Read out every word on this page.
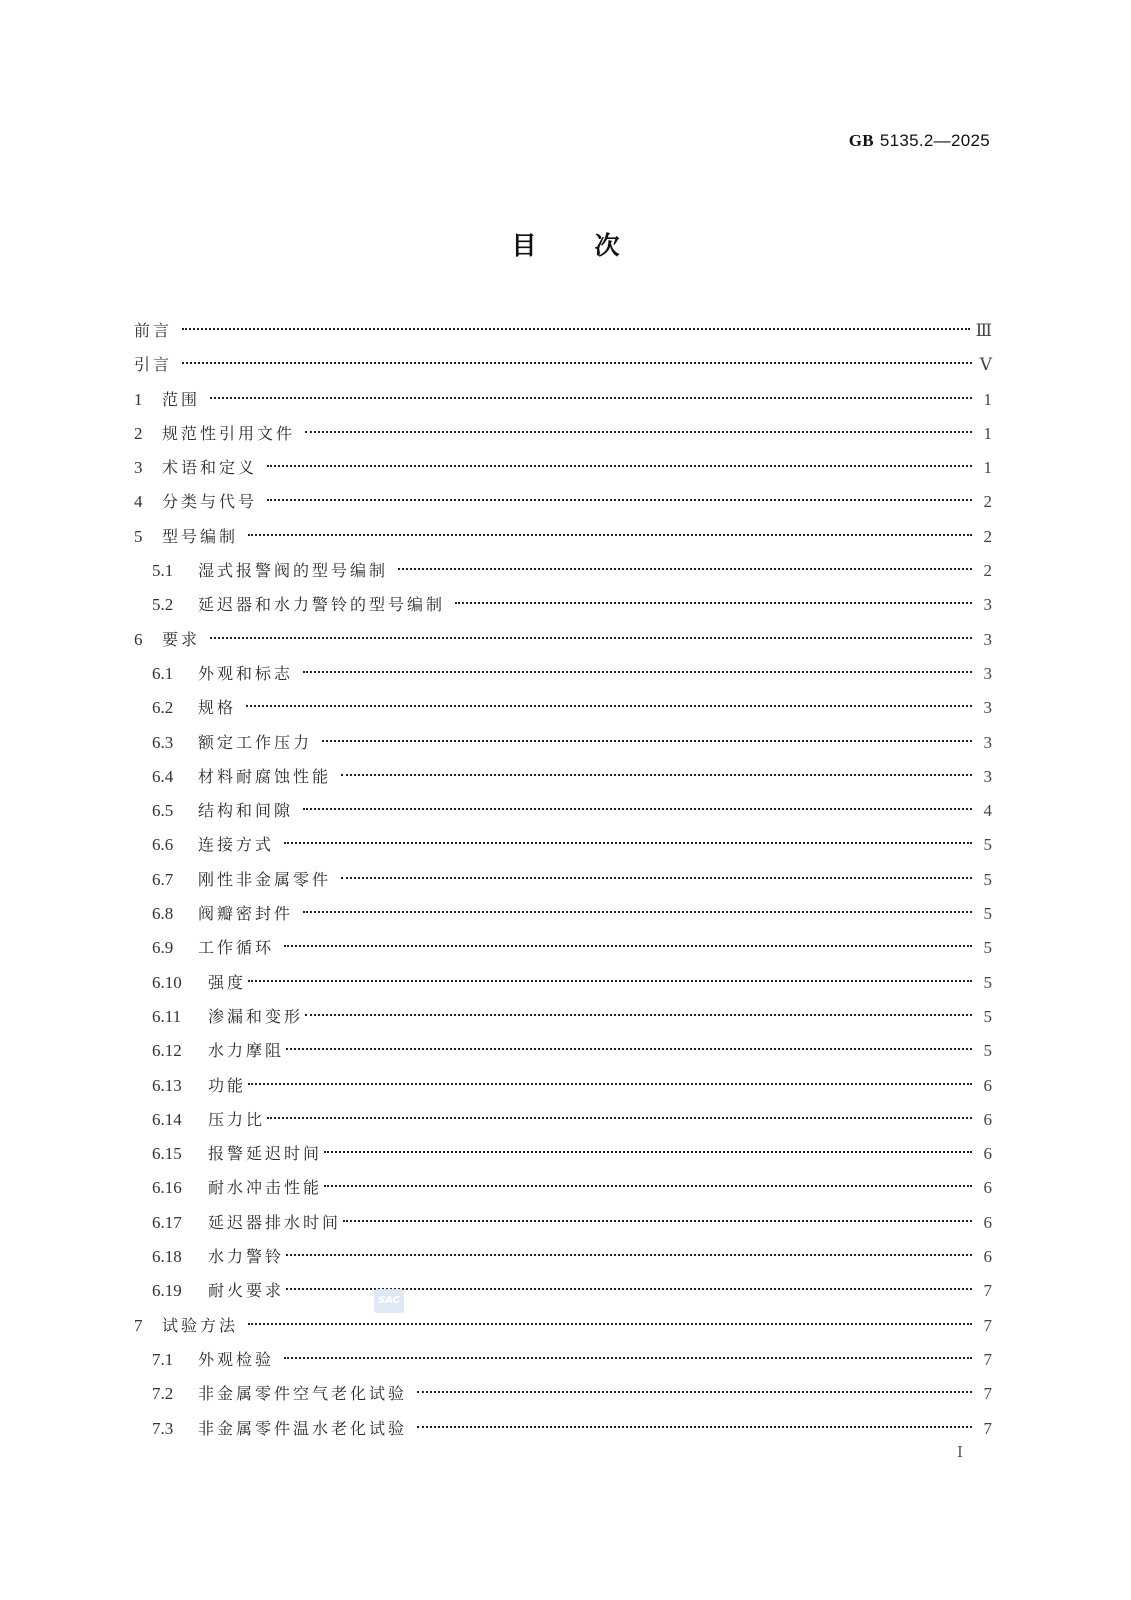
GB 5135.2—2025
目 次
前言	Ⅲ
引言	Ⅴ
1	范围	1
2	规范性引用文件	1
3	术语和定义	1
4	分类与代号	2
5	型号编制	2
5.1	湿式报警阀的型号编制	2
5.2	延迟器和水力警铃的型号编制	3
6	要求	3
6.1	外观和标志	3
6.2	规格	3
6.3	额定工作压力	3
6.4	材料耐腐蚀性能	3
6.5	结构和间隙	4
6.6	连接方式	5
6.7	刚性非金属零件	5
6.8	阀瓣密封件	5
6.9	工作循环	5
6.10	强度	5
6.11	渗漏和变形	5
6.12	水力摩阻	5
6.13	功能	6
6.14	压力比	6
6.15	报警延迟时间	6
6.16	耐水冲击性能	6
6.17	延迟器排水时间	6
6.18	水力警铃	6
6.19	耐火要求	7
7	试验方法	7
7.1	外观检验	7
7.2	非金属零件空气老化试验	7
7.3	非金属零件温水老化试验	7
SAC
Ⅰ
